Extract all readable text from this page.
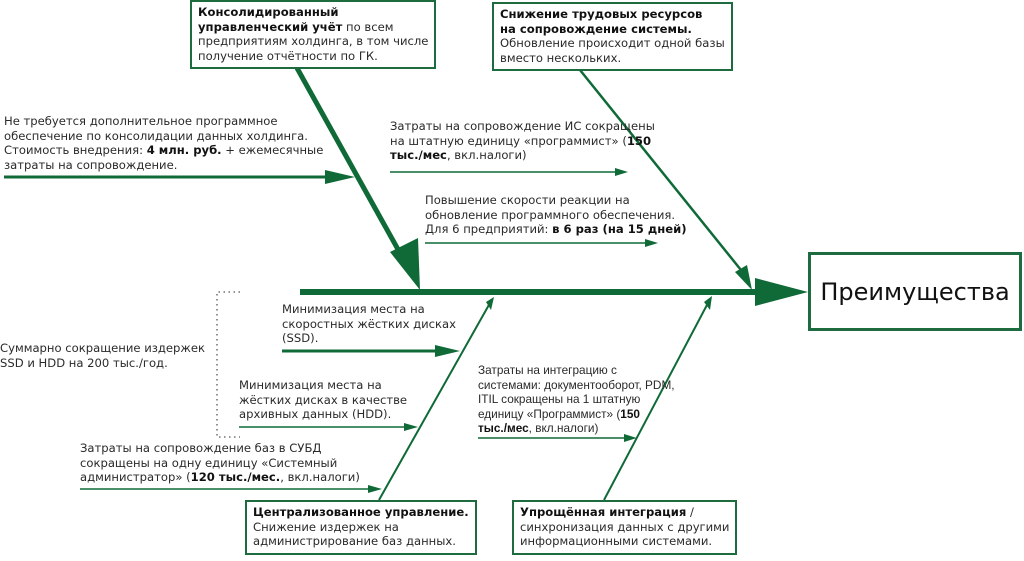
Консолидированный
управленческий учёт по всем
предприятиям холдинга, в том числе
получение отчётности по ГК.
Снижение трудовых ресурсов
на сопровождение системы.
Обновление происходит одной базы
вместо нескольких.
Централизованное управление.
Снижение издержек на
администрирование баз данных.
Упрощённая интеграция /
синхронизация данных с другими
информационными системами.
Не требуется дополнительное программное
обеспечение по консолидации данных холдинга.
Стоимость внедрения: 4 млн. руб. + ежемесячные
затраты на сопровождение.
Затраты на сопровождение ИС сокращены
на штатную единицу «программист» (150
тыс./мес, вкл.налоги)
Повышение скорости реакции на
обновление программного обеспечения.
Для 6 предприятий: в 6 раз (на 15 дней)
Минимизация места на
скоростных жёстких дисках
(SSD).
Минимизация места на
жёстких дисках в качестве
архивных данных (HDD).
Суммарно сокращение издержек
SSD и HDD на 200 тыс./год.
Затраты на сопровождение баз в СУБД
сокращены на одну единицу «Системный
администратор» (120 тыс./мес., вкл.налоги)
Затраты на интеграцию с
системами: документооборот, PDM,
ITIL сокращены на 1 штатную
единицу «Программист» (150
тыс./мес, вкл.налоги)
Преимущества
